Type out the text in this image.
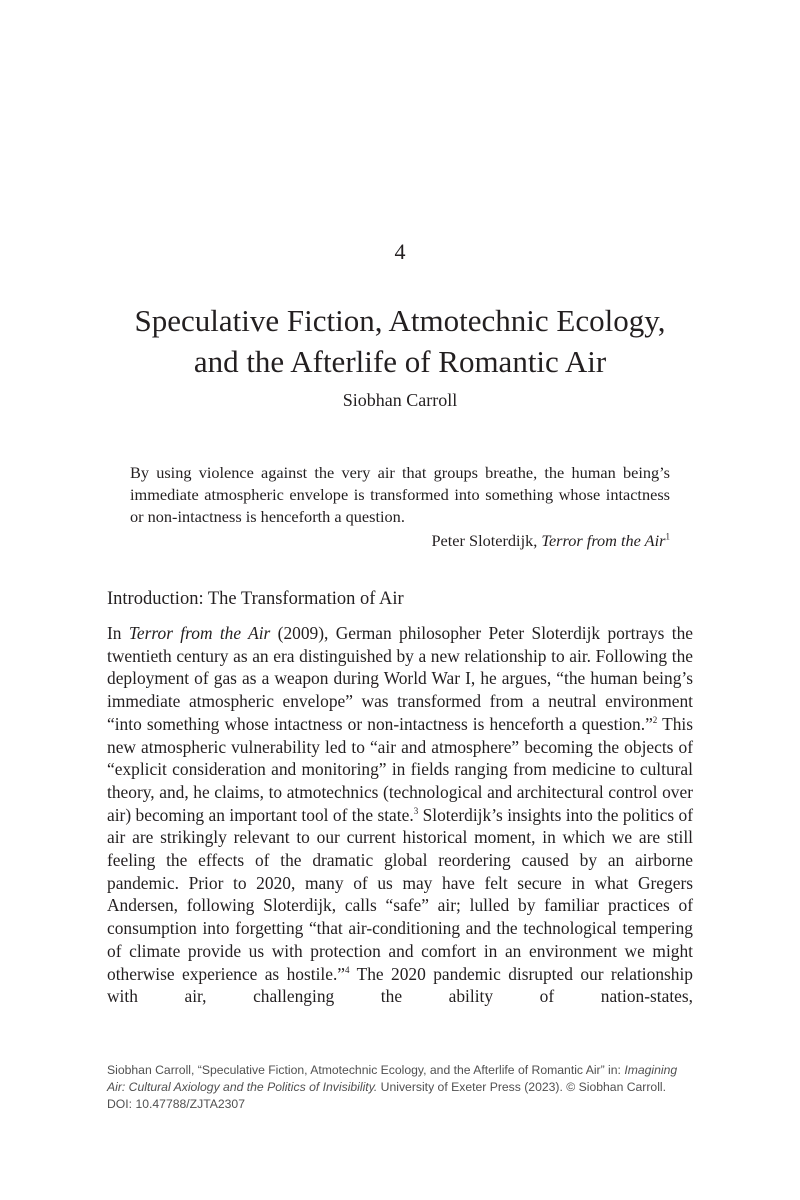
4
Speculative Fiction, Atmotechnic Ecology,
and the Afterlife of Romantic Air
Siobhan Carroll
By using violence against the very air that groups breathe, the human being’s immediate atmospheric envelope is transformed into something whose intactness or non-intactness is henceforth a question.
Peter Sloterdijk, Terror from the Air$^1$
Introduction: The Transformation of Air

In Terror from the Air (2009), German philosopher Peter Sloterdijk portrays the twentieth century as an era distinguished by a new relationship to air. Following the deployment of gas as a weapon during World War I, he argues, “the human being’s immediate atmospheric envelope” was transformed from a neutral environment “into something whose intactness or non-intactness is henceforth a question.”$^2$ This new atmospheric vulnerability led to “air and atmosphere” becoming the objects of “explicit consideration and monitoring” in fields ranging from medicine to cultural theory, and, he claims, to atmotechnics (technological and architectural control over air) becoming an important tool of the state.$^3$ Sloterdijk’s insights into the politics of air are strikingly relevant to our current historical moment, in which we are still feeling the effects of the dramatic global reordering caused by an airborne pandemic. Prior to 2020, many of us may have felt secure in what Gregers Andersen, following Sloterdijk, calls “safe” air; lulled by familiar practices of consumption into forgetting “that air-conditioning and the technological tempering of climate provide us with protection and comfort in an environment we might otherwise experience as hostile.”$^4$ The 2020 pandemic disrupted our relationship with air, challenging the ability of nation-states,

Siobhan Carroll, “Speculative Fiction, Atmotechnic Ecology, and the Afterlife of Romantic Air” in: Imagining Air: Cultural Axiology and the Politics of Invisibility. University of Exeter Press (2023). © Siobhan Carroll.
DOI: 10.47788/ZJTA2307
